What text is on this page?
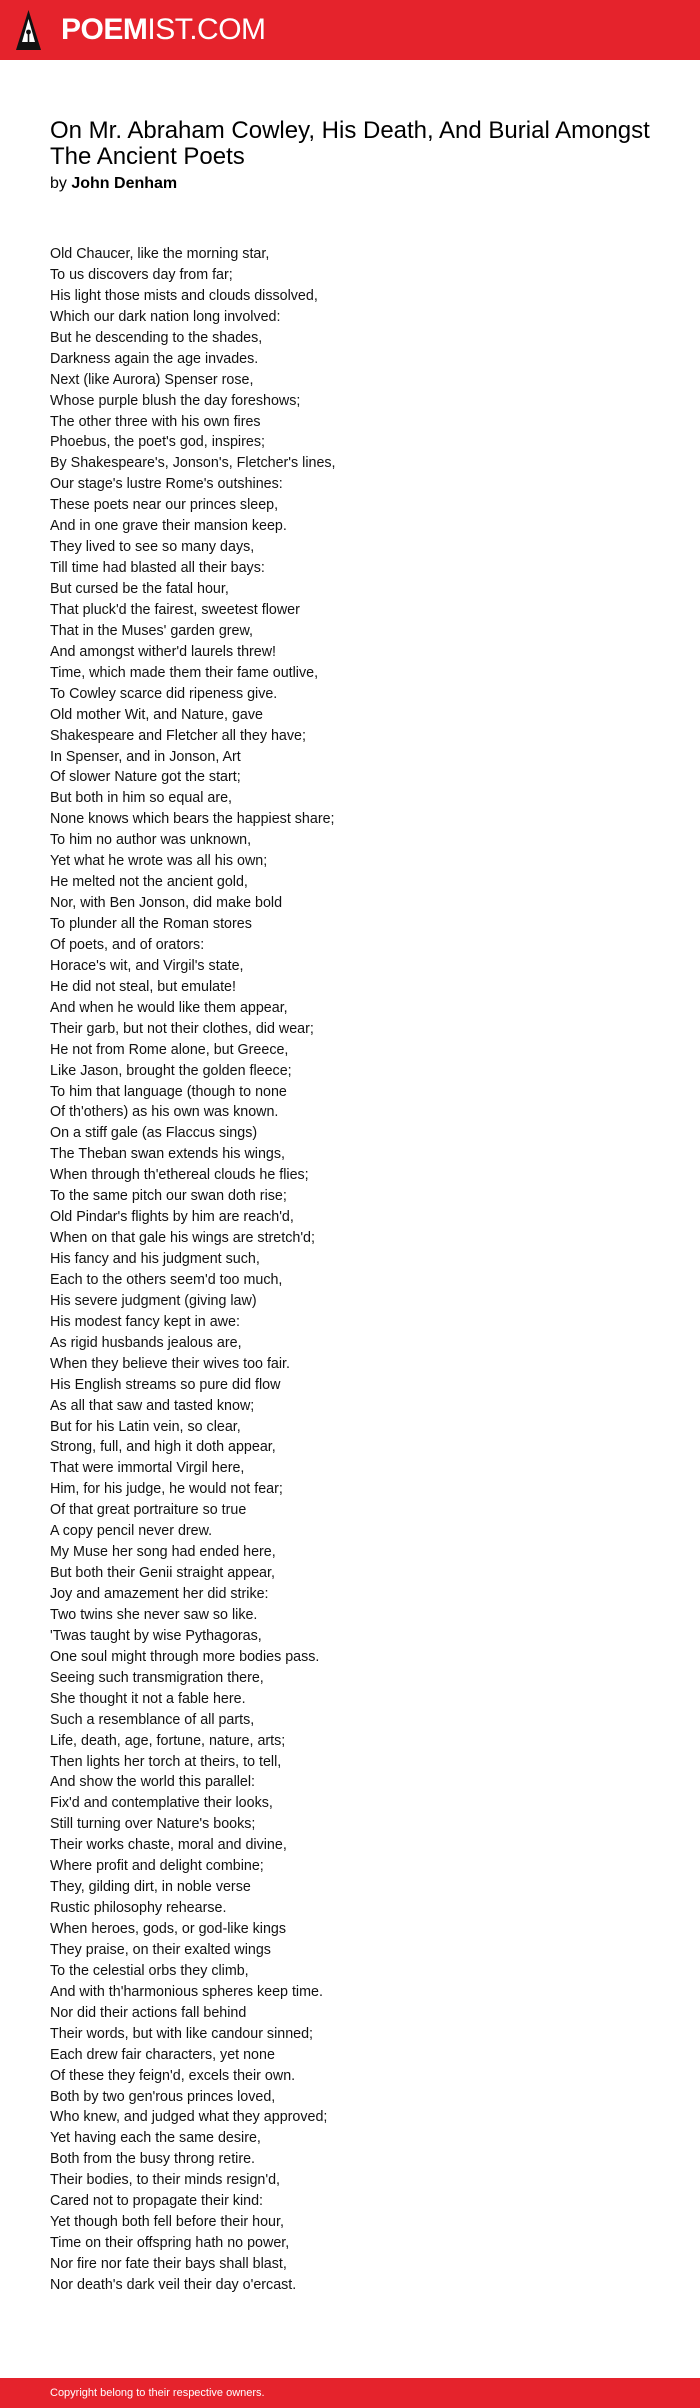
POEMIST.COM
On Mr. Abraham Cowley, His Death, And Burial Amongst The Ancient Poets
by John Denham
Old Chaucer, like the morning star,
To us discovers day from far;
His light those mists and clouds dissolved,
Which our dark nation long involved:
But he descending to the shades,
Darkness again the age invades.
Next (like Aurora) Spenser rose,
Whose purple blush the day foreshows;
The other three with his own fires
Phoebus, the poet's god, inspires;
By Shakespeare's, Jonson's, Fletcher's lines,
Our stage's lustre Rome's outshines:
These poets near our princes sleep,
And in one grave their mansion keep.
They lived to see so many days,
Till time had blasted all their bays:
But cursed be the fatal hour,
That pluck'd the fairest, sweetest flower
That in the Muses' garden grew,
And amongst wither'd laurels threw!
Time, which made them their fame outlive,
To Cowley scarce did ripeness give.
Old mother Wit, and Nature, gave
Shakespeare and Fletcher all they have;
In Spenser, and in Jonson, Art
Of slower Nature got the start;
But both in him so equal are,
None knows which bears the happiest share;
To him no author was unknown,
Yet what he wrote was all his own;
He melted not the ancient gold,
Nor, with Ben Jonson, did make bold
To plunder all the Roman stores
Of poets, and of orators:
Horace's wit, and Virgil's state,
He did not steal, but emulate!
And when he would like them appear,
Their garb, but not their clothes, did wear;
He not from Rome alone, but Greece,
Like Jason, brought the golden fleece;
To him that language (though to none
Of th'others) as his own was known.
On a stiff gale (as Flaccus sings)
The Theban swan extends his wings,
When through th'ethereal clouds he flies;
To the same pitch our swan doth rise;
Old Pindar's flights by him are reach'd,
When on that gale his wings are stretch'd;
His fancy and his judgment such,
Each to the others seem'd too much,
His severe judgment (giving law)
His modest fancy kept in awe:
As rigid husbands jealous are,
When they believe their wives too fair.
His English streams so pure did flow
As all that saw and tasted know;
But for his Latin vein, so clear,
Strong, full, and high it doth appear,
That were immortal Virgil here,
Him, for his judge, he would not fear;
Of that great portraiture so true
A copy pencil never drew.
My Muse her song had ended here,
But both their Genii straight appear,
Joy and amazement her did strike:
Two twins she never saw so like.
'Twas taught by wise Pythagoras,
One soul might through more bodies pass.
Seeing such transmigration there,
She thought it not a fable here.
Such a resemblance of all parts,
Life, death, age, fortune, nature, arts;
Then lights her torch at theirs, to tell,
And show the world this parallel:
Fix'd and contemplative their looks,
Still turning over Nature's books;
Their works chaste, moral and divine,
Where profit and delight combine;
They, gilding dirt, in noble verse
Rustic philosophy rehearse.
When heroes, gods, or god-like kings
They praise, on their exalted wings
To the celestial orbs they climb,
And with th'harmonious spheres keep time.
Nor did their actions fall behind
Their words, but with like candour sinned;
Each drew fair characters, yet none
Of these they feign'd, excels their own.
Both by two gen'rous princes loved,
Who knew, and judged what they approved;
Yet having each the same desire,
Both from the busy throng retire.
Their bodies, to their minds resign'd,
Cared not to propagate their kind:
Yet though both fell before their hour,
Time on their offspring hath no power,
Nor fire nor fate their bays shall blast,
Nor death's dark veil their day o'ercast.
Copyright belong to their respective owners.
